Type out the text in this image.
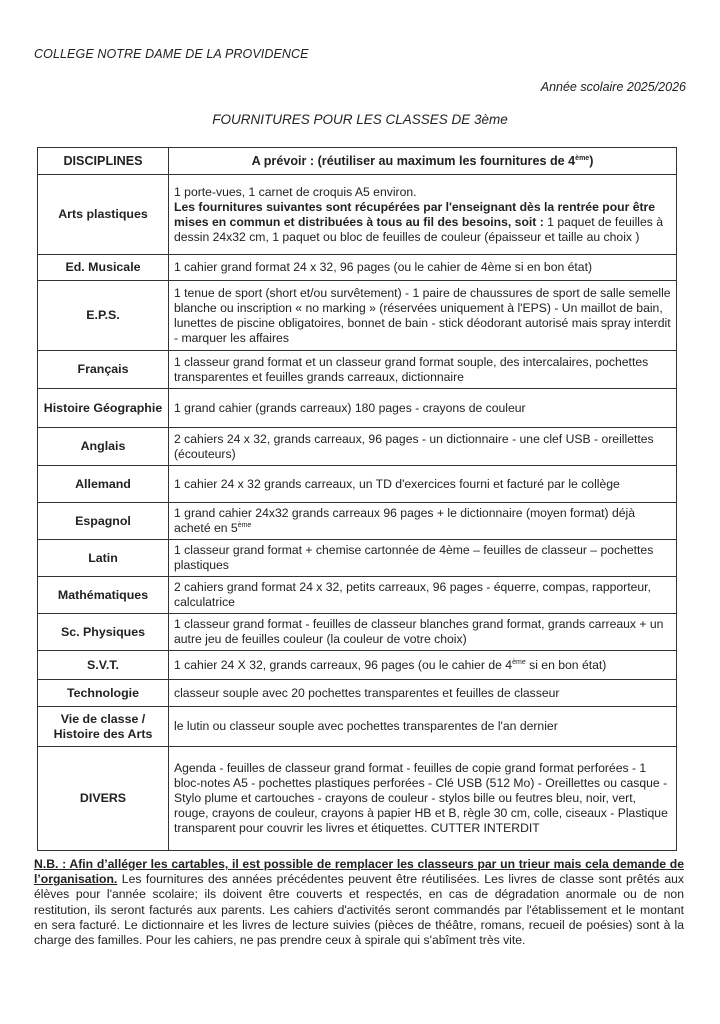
COLLEGE NOTRE DAME DE LA PROVIDENCE
Année scolaire 2025/2026
FOURNITURES POUR LES CLASSES DE 3ème
DISCIPLINES	A prévoir : (réutiliser au maximum les fournitures de 4ème)
Arts plastiques	1 porte-vues, 1 carnet de croquis A5 environ.
Les fournitures suivantes sont récupérées par l'enseignant dès la rentrée pour être mises en commun et distribuées à tous au fil des besoins, soit : 1 paquet de feuilles à dessin 24x32 cm, 1 paquet ou bloc de feuilles de couleur (épaisseur et taille au choix )
Ed. Musicale	1 cahier grand format 24 x 32, 96 pages (ou le cahier de 4ème si en bon état)
E.P.S.	1 tenue de sport (short et/ou survêtement) - 1 paire de chaussures de sport de salle semelle blanche ou inscription « no marking » (réservées uniquement à l'EPS) - Un maillot de bain, lunettes de piscine obligatoires, bonnet de bain - stick déodorant autorisé mais spray interdit - marquer les affaires
Français	1 classeur grand format et un classeur grand format souple, des intercalaires, pochettes transparentes et feuilles grands carreaux, dictionnaire
Histoire Géographie	1 grand cahier (grands carreaux) 180 pages - crayons de couleur
Anglais	2 cahiers 24 x 32, grands carreaux, 96 pages - un dictionnaire - une clef USB - oreillettes (écouteurs)
Allemand	1 cahier 24 x 32 grands carreaux, un TD d'exercices fourni et facturé par le collège
Espagnol	1 grand cahier 24x32 grands carreaux 96 pages + le dictionnaire (moyen format) déjà acheté en 5ème
Latin	1 classeur grand format + chemise cartonnée de 4ème – feuilles de classeur – pochettes plastiques
Mathématiques	2 cahiers grand format 24 x 32, petits carreaux, 96 pages - équerre, compas, rapporteur, calculatrice
Sc. Physiques	1 classeur grand format - feuilles de classeur blanches grand format, grands carreaux + un autre jeu de feuilles couleur (la couleur de votre choix)
S.V.T.	1 cahier 24 X 32, grands carreaux, 96 pages (ou le cahier de 4ème si en bon état)
Technologie	classeur souple avec 20 pochettes transparentes et feuilles de classeur
Vie de classe / Histoire des Arts	le lutin ou classeur souple avec pochettes transparentes de l'an dernier
DIVERS	Agenda - feuilles de classeur grand format - feuilles de copie grand format perforées - 1 bloc-notes A5 - pochettes plastiques perforées - Clé USB (512 Mo) - Oreillettes ou casque - Stylo plume et cartouches - crayons de couleur - stylos bille ou feutres bleu, noir, vert, rouge, crayons de couleur, crayons à papier HB et B, règle 30 cm, colle, ciseaux - Plastique transparent pour couvrir les livres et étiquettes. CUTTER INTERDIT
N.B. : Afin d’alléger les cartables, il est possible de remplacer les classeurs par un trieur mais cela demande de l’organisation. Les fournitures des années précédentes peuvent être réutilisées. Les livres de classe sont prêtés aux élèves pour l'année scolaire; ils doivent être couverts et respectés, en cas de dégradation anormale ou de non restitution, ils seront facturés aux parents. Les cahiers d'activités seront commandés par l'établissement et le montant en sera facturé. Le dictionnaire et les livres de lecture suivies (pièces de théâtre, romans, recueil de poésies) sont à la charge des familles. Pour les cahiers, ne pas prendre ceux à spirale qui s'abîment très vite.
